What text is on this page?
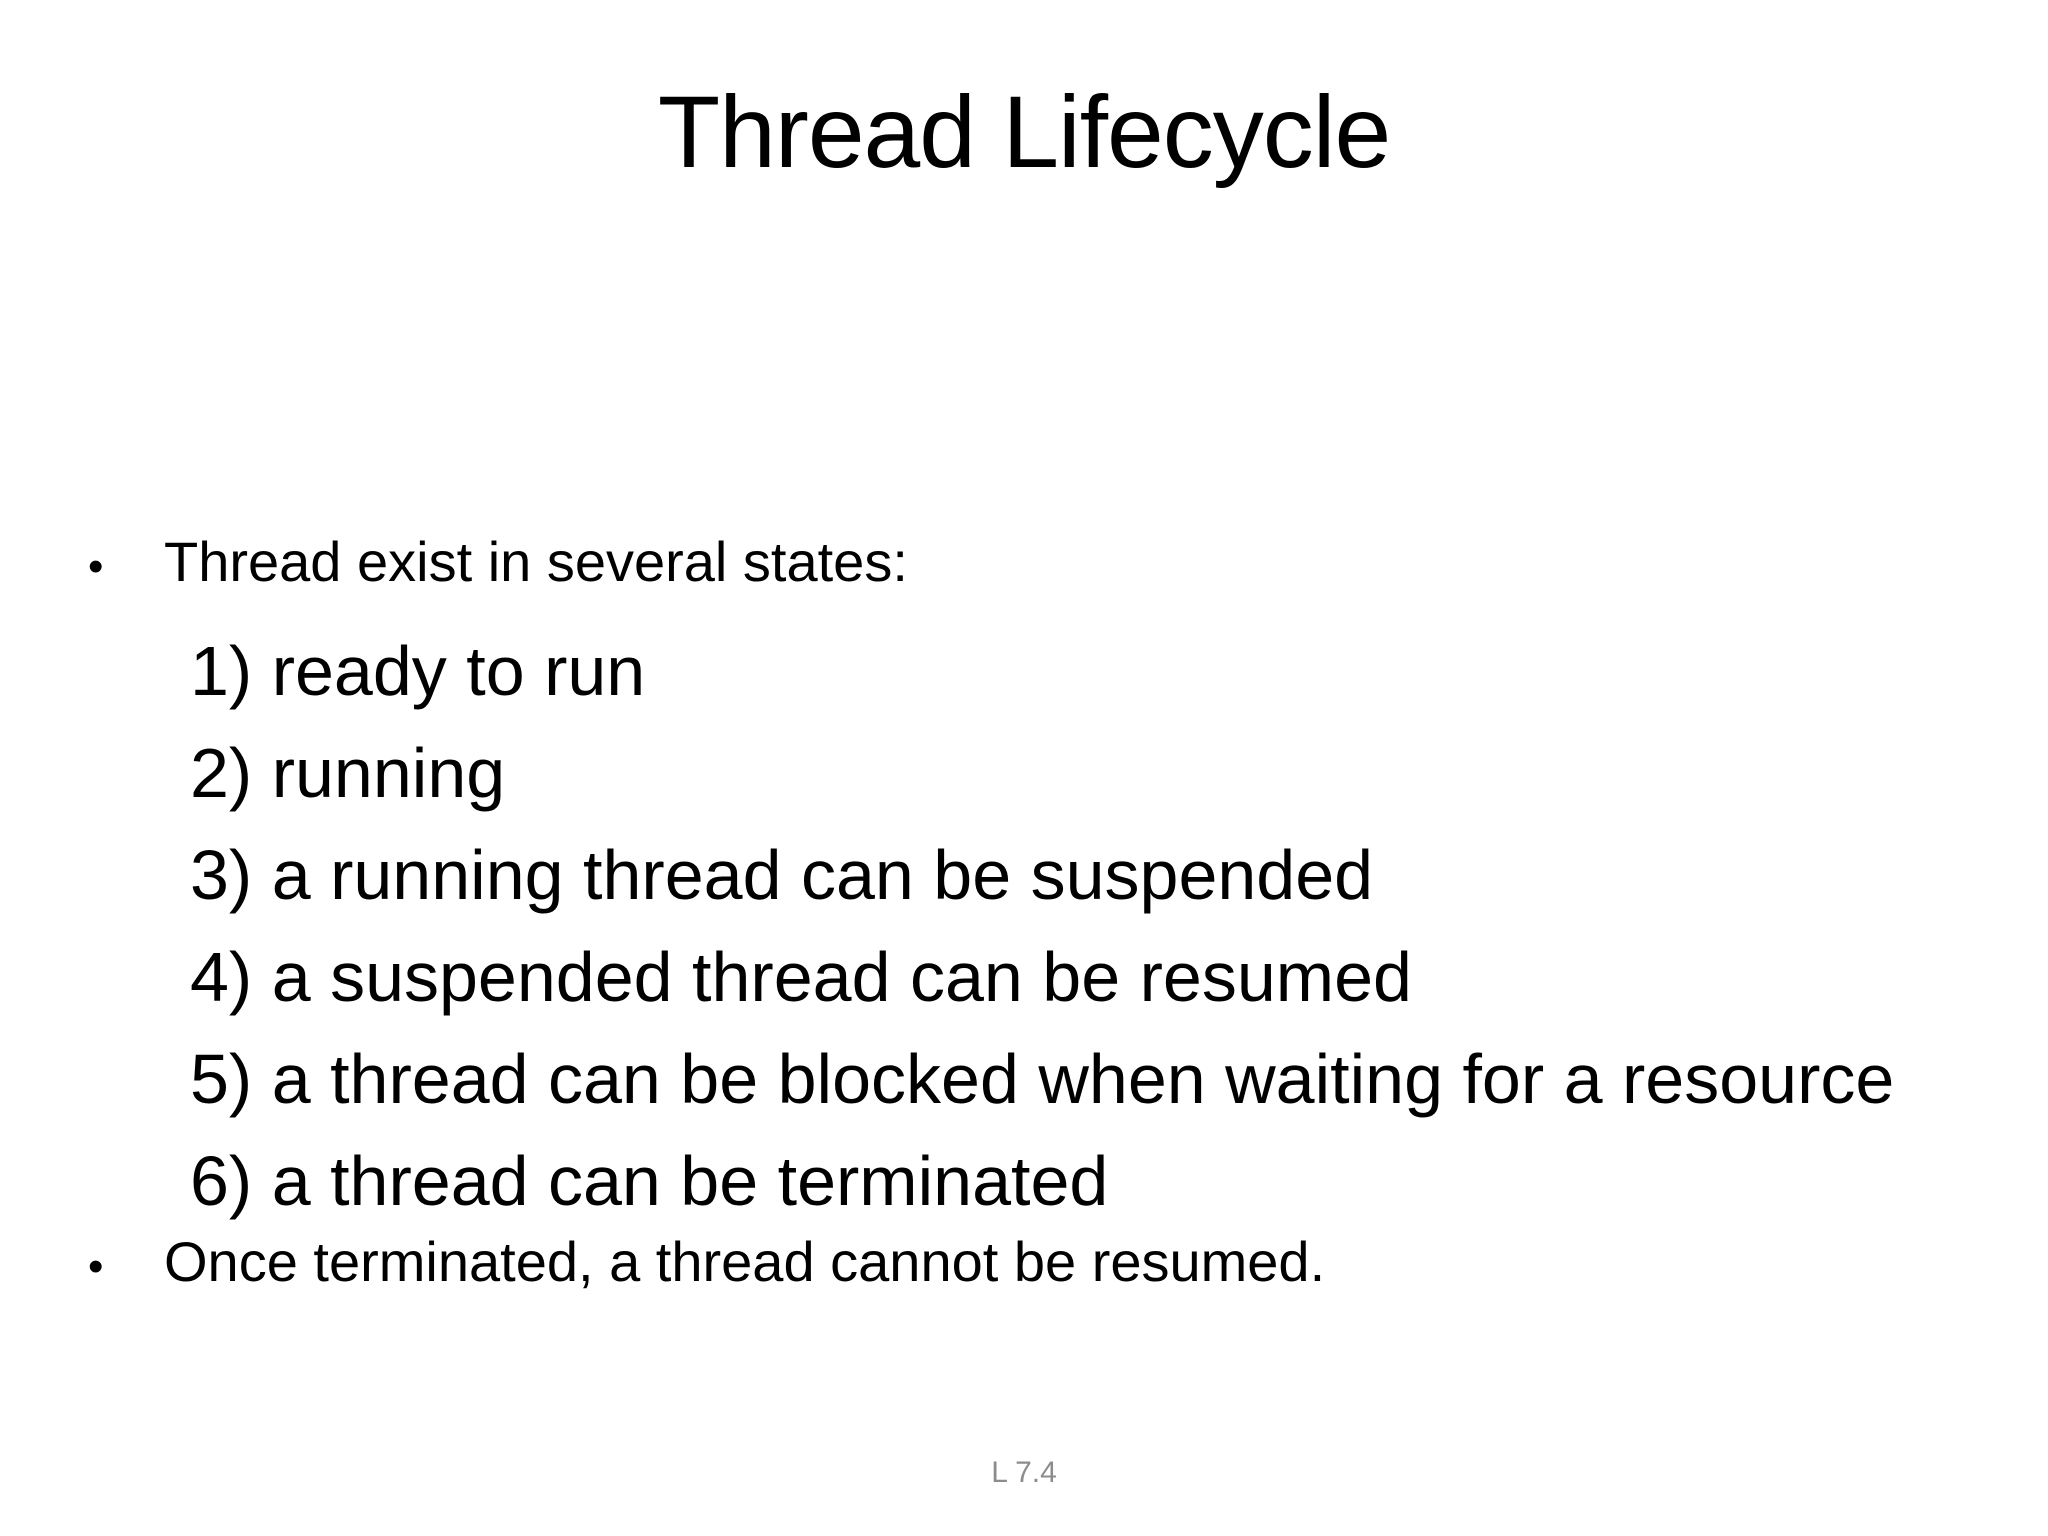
Thread Lifecycle
•	Thread exist in several states:
1) ready to run
2) running
3) a running thread can be suspended
4) a suspended thread can be resumed
5) a thread can be blocked when waiting for a resource
6) a thread can be terminated
•	Once terminated, a thread cannot be resumed.
L 7.4
